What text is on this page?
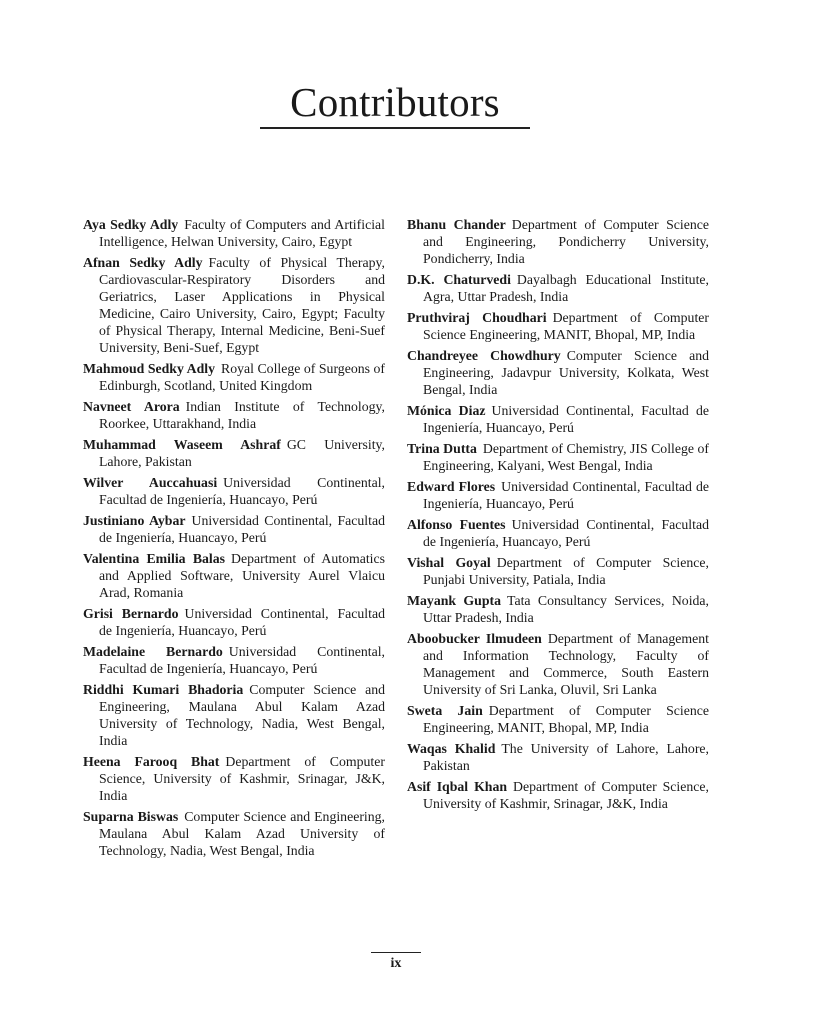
Contributors
Aya Sedky Adly Faculty of Computers and Artificial Intelligence, Helwan University, Cairo, Egypt
Afnan Sedky Adly Faculty of Physical Therapy, Cardiovascular-Respiratory Disorders and Geriatrics, Laser Applications in Physical Medicine, Cairo University, Cairo, Egypt; Faculty of Physical Therapy, Internal Medicine, Beni-Suef University, Beni-Suef, Egypt
Mahmoud Sedky Adly Royal College of Surgeons of Edinburgh, Scotland, United Kingdom
Navneet Arora Indian Institute of Technology, Roorkee, Uttarakhand, India
Muhammad Waseem Ashraf GC University, Lahore, Pakistan
Wilver Auccahuasi Universidad Continental, Facultad de Ingeniería, Huancayo, Perú
Justiniano Aybar Universidad Continental, Facultad de Ingeniería, Huancayo, Perú
Valentina Emilia Balas Department of Automatics and Applied Software, University Aurel Vlaicu Arad, Romania
Grisi Bernardo Universidad Continental, Facultad de Ingeniería, Huancayo, Perú
Madelaine Bernardo Universidad Continental, Facultad de Ingeniería, Huancayo, Perú
Riddhi Kumari Bhadoria Computer Science and Engineering, Maulana Abul Kalam Azad University of Technology, Nadia, West Bengal, India
Heena Farooq Bhat Department of Computer Science, University of Kashmir, Srinagar, J&K, India
Suparna Biswas Computer Science and Engineering, Maulana Abul Kalam Azad University of Technology, Nadia, West Bengal, India
Bhanu Chander Department of Computer Science and Engineering, Pondicherry University, Pondicherry, India
D.K. Chaturvedi Dayalbagh Educational Institute, Agra, Uttar Pradesh, India
Pruthviraj Choudhari Department of Computer Science Engineering, MANIT, Bhopal, MP, India
Chandreyee Chowdhury Computer Science and Engineering, Jadavpur University, Kolkata, West Bengal, India
Mónica Diaz Universidad Continental, Facultad de Ingeniería, Huancayo, Perú
Trina Dutta Department of Chemistry, JIS College of Engineering, Kalyani, West Bengal, India
Edward Flores Universidad Continental, Facultad de Ingeniería, Huancayo, Perú
Alfonso Fuentes Universidad Continental, Facultad de Ingeniería, Huancayo, Perú
Vishal Goyal Department of Computer Science, Punjabi University, Patiala, India
Mayank Gupta Tata Consultancy Services, Noida, Uttar Pradesh, India
Aboobucker Ilmudeen Department of Management and Information Technology, Faculty of Management and Commerce, South Eastern University of Sri Lanka, Oluvil, Sri Lanka
Sweta Jain Department of Computer Science Engineering, MANIT, Bhopal, MP, India
Waqas Khalid The University of Lahore, Lahore, Pakistan
Asif Iqbal Khan Department of Computer Science, University of Kashmir, Srinagar, J&K, India
ix
